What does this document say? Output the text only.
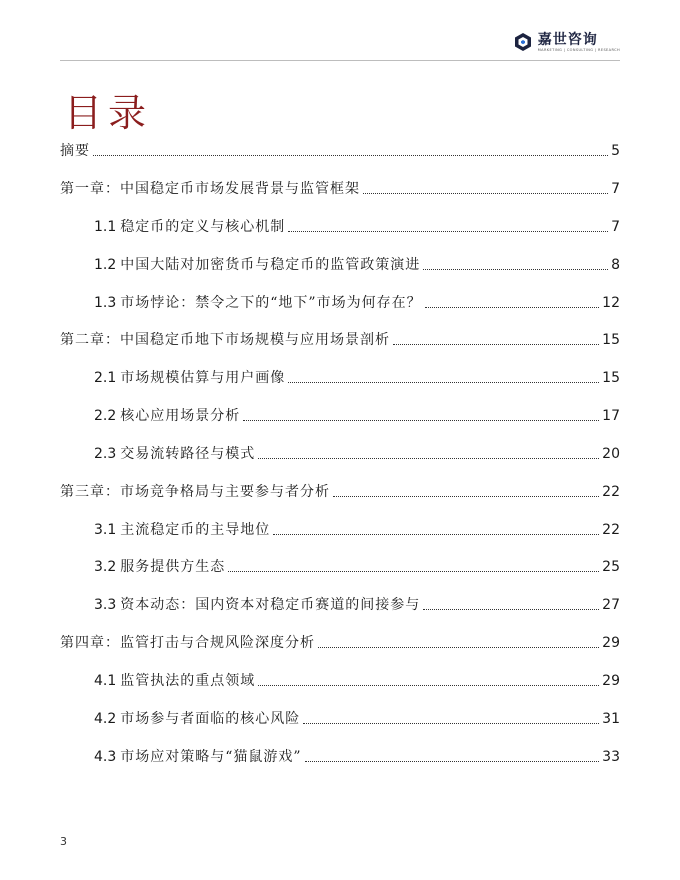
嘉世咨询
MARKETING | CONSULTING | RESEARCH
目录
摘要	5
第一章：中国稳定币市场发展背景与监管框架	7
1.1 稳定币的定义与核心机制	7
1.2 中国大陆对加密货币与稳定币的监管政策演进	8
1.3 市场悖论：禁令之下的“地下”市场为何存在？	12
第二章：中国稳定币地下市场规模与应用场景剖析	15
2.1 市场规模估算与用户画像	15
2.2 核心应用场景分析	17
2.3 交易流转路径与模式	20
第三章：市场竞争格局与主要参与者分析	22
3.1 主流稳定币的主导地位	22
3.2 服务提供方生态	25
3.3 资本动态：国内资本对稳定币赛道的间接参与	27
第四章：监管打击与合规风险深度分析	29
4.1 监管执法的重点领域	29
4.2 市场参与者面临的核心风险	31
4.3 市场应对策略与“猫鼠游戏”	33
3
